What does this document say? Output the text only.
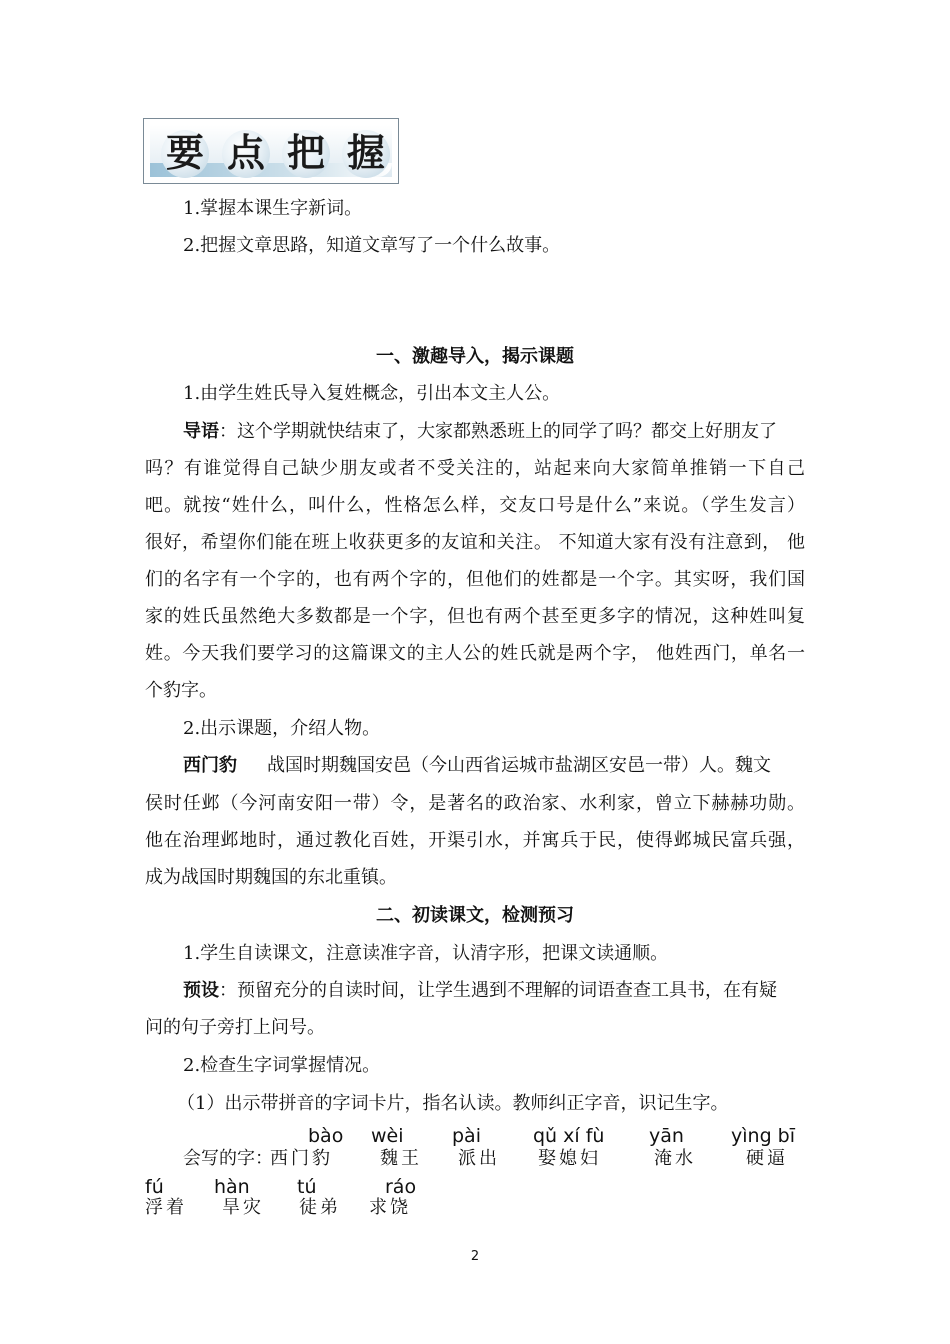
要 点 把 握
1.掌握本课生字新词。
2.把握文章思路，知道文章写了一个什么故事。
一、激趣导入，揭示课题
1.由学生姓氏导入复姓概念，引出本文主人公。
导语：这个学期就快结束了，大家都熟悉班上的同学了吗？都交上好朋友了
吗？有谁觉得自己缺少朋友或者不受关注的，站起来向大家简单推销一下自己
吧。就按“姓什么，叫什么，性格怎么样，交友口号是什么”来说。（学生发言）
很好，希望你们能在班上收获更多的友谊和关注。 不知道大家有没有注意到， 他
们的名字有一个字的，也有两个字的，但他们的姓都是一个字。其实呀，我们国
家的姓氏虽然绝大多数都是一个字，但也有两个甚至更多字的情况，这种姓叫复
姓。今天我们要学习的这篇课文的主人公的姓氏就是两个字， 他姓西门，单名一
个豹字。
2.出示课题，介绍人物。
西门豹 战国时期魏国安邑（今山西省运城市盐湖区安邑一带）人。魏文
侯时任邺（今河南安阳一带）令，是著名的政治家、水利家，曾立下赫赫功勋。
他在治理邺地时，通过教化百姓，开渠引水，并寓兵于民，使得邺城民富兵强，
成为战国时期魏国的东北重镇。
二、初读课文，检测预习
1.学生自读课文，注意读准字音，认清字形，把课文读通顺。
预设：预留充分的自读时间，让学生遇到不理解的词语查查工具书，在有疑
问的句子旁打上问号。
2.检查生字词掌握情况。
（1）出示带拼音的字词卡片，指名认读。教师纠正字音，识记生字。
会写的字：
bào
西门豹
wèi
魏王
pài
派出
qǔ xí fù
娶媳妇
yān
淹水
yìng bī
硬逼
fú
浮着
hàn
旱灾
tú
徒弟
ráo
求饶
2
